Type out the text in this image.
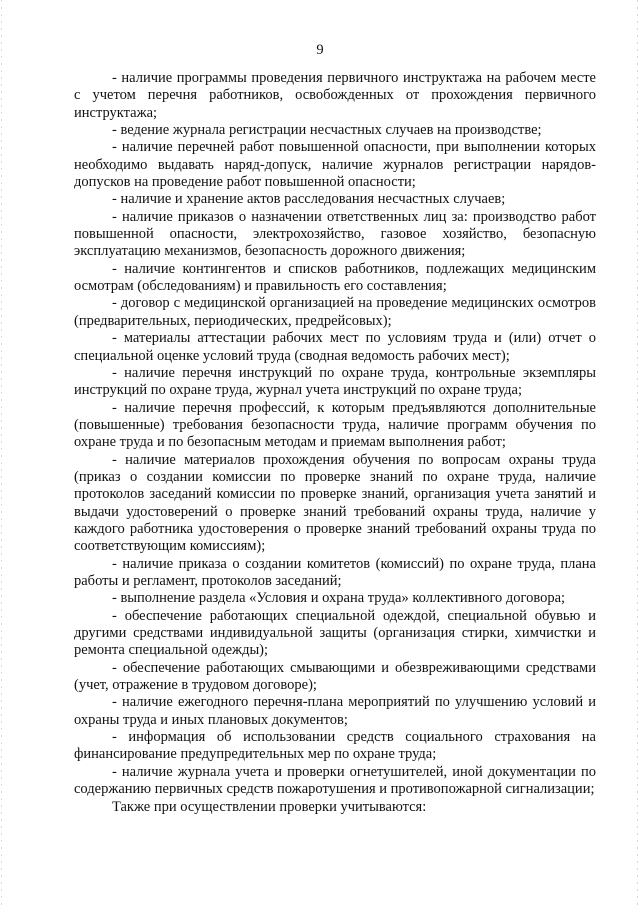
9

- наличие программы проведения первичного инструктажа на рабочем месте с учетом перечня работников, освобожденных от прохождения первичного инструктажа;

- ведение журнала регистрации несчастных случаев на производстве;

- наличие перечней работ повышенной опасности, при выполнении которых необходимо выдавать наряд-допуск, наличие журналов регистрации нарядов-допусков на проведение работ повышенной опасности;

- наличие и хранение актов расследования несчастных случаев;

- наличие приказов о назначении ответственных лиц за: производство работ повышенной опасности, электрохозяйство, газовое хозяйство, безопасную эксплуатацию механизмов, безопасность дорожного движения;

- наличие контингентов и списков работников, подлежащих медицинским осмотрам (обследованиям) и правильность его составления;

- договор с медицинской организацией на проведение медицинских осмотров (предварительных, периодических, предрейсовых);

- материалы аттестации рабочих мест по условиям труда и (или) отчет о специальной оценке условий труда (сводная ведомость рабочих мест);

- наличие перечня инструкций по охране труда, контрольные экземпляры инструкций по охране труда, журнал учета инструкций по охране труда;

- наличие перечня профессий, к которым предъявляются дополнительные (повышенные) требования безопасности труда, наличие программ обучения по охране труда и по безопасным методам и приемам выполнения работ;

- наличие материалов прохождения обучения по вопросам охраны труда (приказ о создании комиссии по проверке знаний по охране труда, наличие протоколов заседаний комиссии по проверке знаний, организация учета занятий и выдачи удостоверений о проверке знаний требований охраны труда, наличие у каждого работника удостоверения о проверке знаний требований охраны труда по соответствующим комиссиям);

- наличие приказа о создании комитетов (комиссий) по охране труда, плана работы и регламент, протоколов заседаний;

- выполнение раздела «Условия и охрана труда» коллективного договора;

- обеспечение работающих специальной одеждой, специальной обувью и другими средствами индивидуальной защиты (организация стирки, химчистки и ремонта специальной одежды);

- обеспечение работающих смывающими и обезвреживающими средствами (учет, отражение в трудовом договоре);

- наличие ежегодного перечня-плана мероприятий по улучшению условий и охраны труда и иных плановых документов;

- информация об использовании средств социального страхования на финансирование предупредительных мер по охране труда;

- наличие журнала учета и проверки огнетушителей, иной документации по содержанию первичных средств пожаротушения и противопожарной сигнализации;

Также при осуществлении проверки учитываются:
